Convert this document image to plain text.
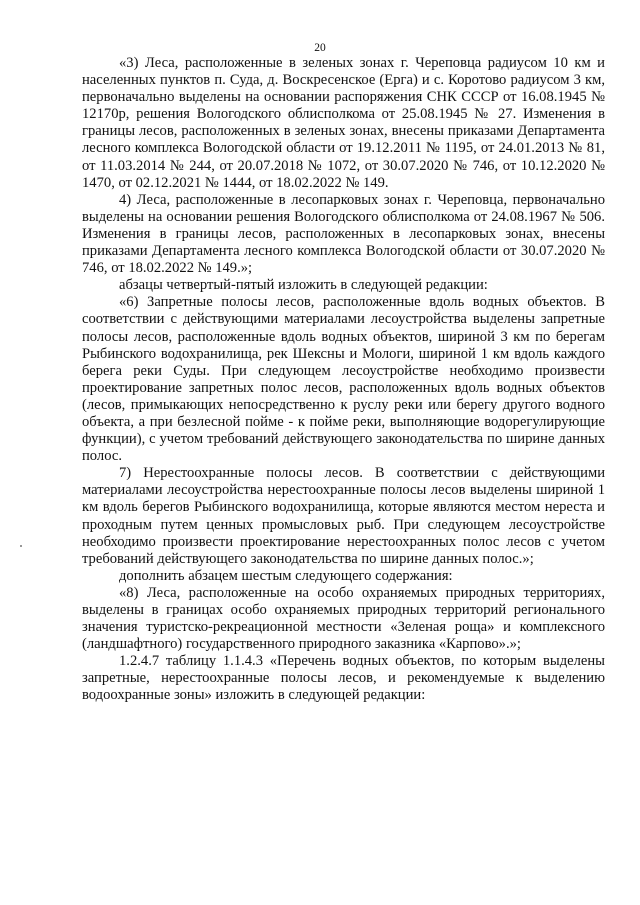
20

«3) Леса, расположенные в зеленых зонах г. Череповца радиусом 10 км и населенных пунктов п. Суда, д. Воскресенское (Ерга) и с. Коротово радиусом 3 км, первоначально выделены на основании распоряжения СНК СССР от 16.08.1945 № 12170р, решения Вологодского облисполкома от 25.08.1945 № 27. Изменения в границы лесов, расположенных в зеленых зонах, внесены приказами Департамента лесного комплекса Вологодской области от 19.12.2011 № 1195, от 24.01.2013 № 81, от 11.03.2014 № 244, от 20.07.2018 № 1072, от 30.07.2020 № 746, от 10.12.2020 № 1470, от 02.12.2021 № 1444, от 18.02.2022 № 149.

4) Леса, расположенные в лесопарковых зонах г. Череповца, первоначально выделены на основании решения Вологодского облисполкома от 24.08.1967 № 506. Изменения в границы лесов, расположенных в лесопарковых зонах, внесены приказами Департамента лесного комплекса Вологодской области от 30.07.2020 № 746, от 18.02.2022 № 149.»;

абзацы четвертый-пятый изложить в следующей редакции:

«6) Запретные полосы лесов, расположенные вдоль водных объектов. В соответствии с действующими материалами лесоустройства выделены запретные полосы лесов, расположенные вдоль водных объектов, шириной 3 км по берегам Рыбинского водохранилища, рек Шексны и Мологи, шириной 1 км вдоль каждого берега реки Суды. При следующем лесоустройстве необходимо произвести проектирование запретных полос лесов, расположенных вдоль водных объектов (лесов, примыкающих непосредственно к руслу реки или берегу другого водного объекта, а при безлесной пойме - к пойме реки, выполняющие водорегулирующие функции), с учетом требований действующего законодательства по ширине данных полос.

7) Нерестоохранные полосы лесов. В соответствии с действующими материалами лесоустройства нерестоохранные полосы лесов выделены шириной 1 км вдоль берегов Рыбинского водохранилища, которые являются местом нереста и проходным путем ценных промысловых рыб. При следующем лесоустройстве необходимо произвести проектирование нерестоохранных полос лесов с учетом требований действующего законодательства по ширине данных полос.»;

дополнить абзацем шестым следующего содержания:

«8) Леса, расположенные на особо охраняемых природных территориях, выделены в границах особо охраняемых природных территорий регионального значения туристско-рекреационной местности «Зеленая роща» и комплексного (ландшафтного) государственного природного заказника «Карпово».»;

1.2.4.7 таблицу 1.1.4.3 «Перечень водных объектов, по которым выделены запретные, нерестоохранные полосы лесов, и рекомендуемые к выделению водоохранные зоны» изложить в следующей редакции:
